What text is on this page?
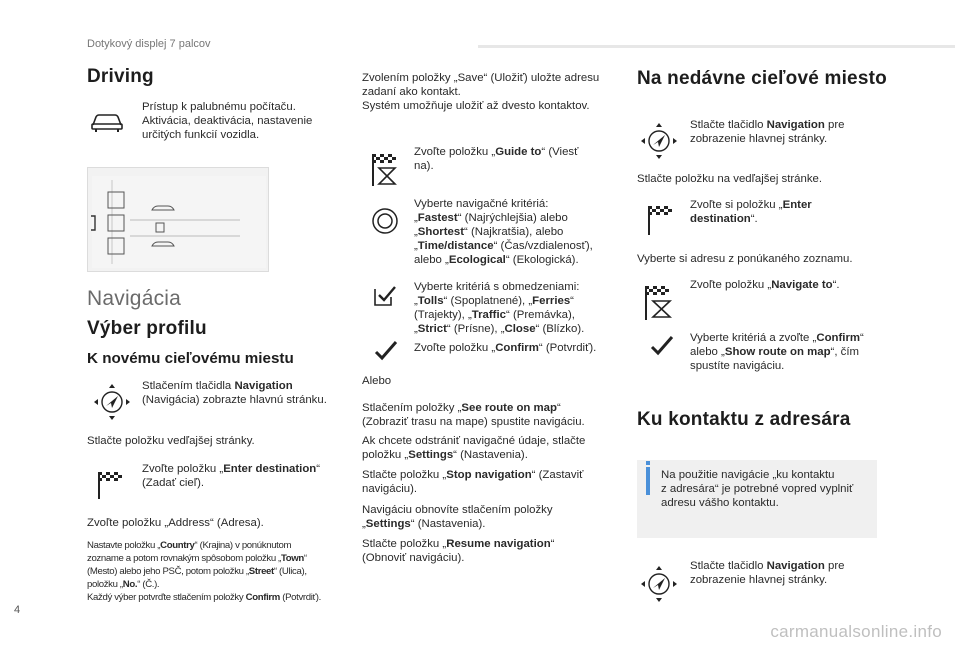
Dotykový displej 7 palcov
Driving
Prístup k palubnému počítaču.
Aktivácia, deaktivácia, nastavenie
určitých funkcií vozidla.
Navigácia
Výber profilu
K novému cieľovému miestu
Stlačením tlačidla Navigation
(Navigácia) zobrazte hlavnú stránku.
Stlačte položku vedľajšej stránky.
Zvoľte položku „Enter destination“
(Zadať cieľ).
Zvoľte položku „Address“ (Adresa).
Nastavte položku „Country“ (Krajina) v ponúknutom
zozname a potom rovnakým spôsobom položku „Town“
(Mesto) alebo jeho PSČ, potom položku „Street“ (Ulica),
položku „No.“ (Č.).
Každý výber potvrďte stlačením položky Confirm (Potvrdiť).
Zvolením položky „Save“ (Uložiť) uložte adresu
zadaní ako kontakt.
Systém umožňuje uložiť až dvesto kontaktov.
Zvoľte položku „Guide to“ (Viesť
na).
Vyberte navigačné kritériá:
„Fastest“ (Najrýchlejšia) alebo
„Shortest“ (Najkratšia), alebo
„Time/distance“ (Čas/vzdialenosť),
alebo „Ecological“ (Ekologická).
Vyberte kritériá s obmedzeniami:
„Tolls“ (Spoplatnené), „Ferries“
(Trajekty), „Traffic“ (Premávka),
„Strict“ (Prísne), „Close“ (Blízko).
Zvoľte položku „Confirm“ (Potvrdiť).
Alebo
Stlačením položky „See route on map“
(Zobraziť trasu na mape) spustite navigáciu.
Ak chcete odstrániť navigačné údaje, stlačte
položku „Settings“ (Nastavenia).
Stlačte položku „Stop navigation“ (Zastaviť
navigáciu).
Navigáciu obnovíte stlačením položky
„Settings“ (Nastavenia).
Stlačte položku „Resume navigation“
(Obnoviť navigáciu).
Na nedávne cieľové miesto
Stlačte tlačidlo Navigation pre
zobrazenie hlavnej stránky.
Stlačte položku na vedľajšej stránke.
Zvoľte si položku „Enter
destination“.
Vyberte si adresu z ponúkaného zoznamu.
Zvoľte položku „Navigate to“.
Vyberte kritériá a zvoľte „Confirm“
alebo „Show route on map“, čím
spustíte navigáciu.
Ku kontaktu z adresára
Na použitie navigácie „ku kontaktu
z adresára“ je potrebné vopred vyplniť
adresu vášho kontaktu.
Stlačte tlačidlo Navigation pre
zobrazenie hlavnej stránky.
4
carmanualsonline.info
